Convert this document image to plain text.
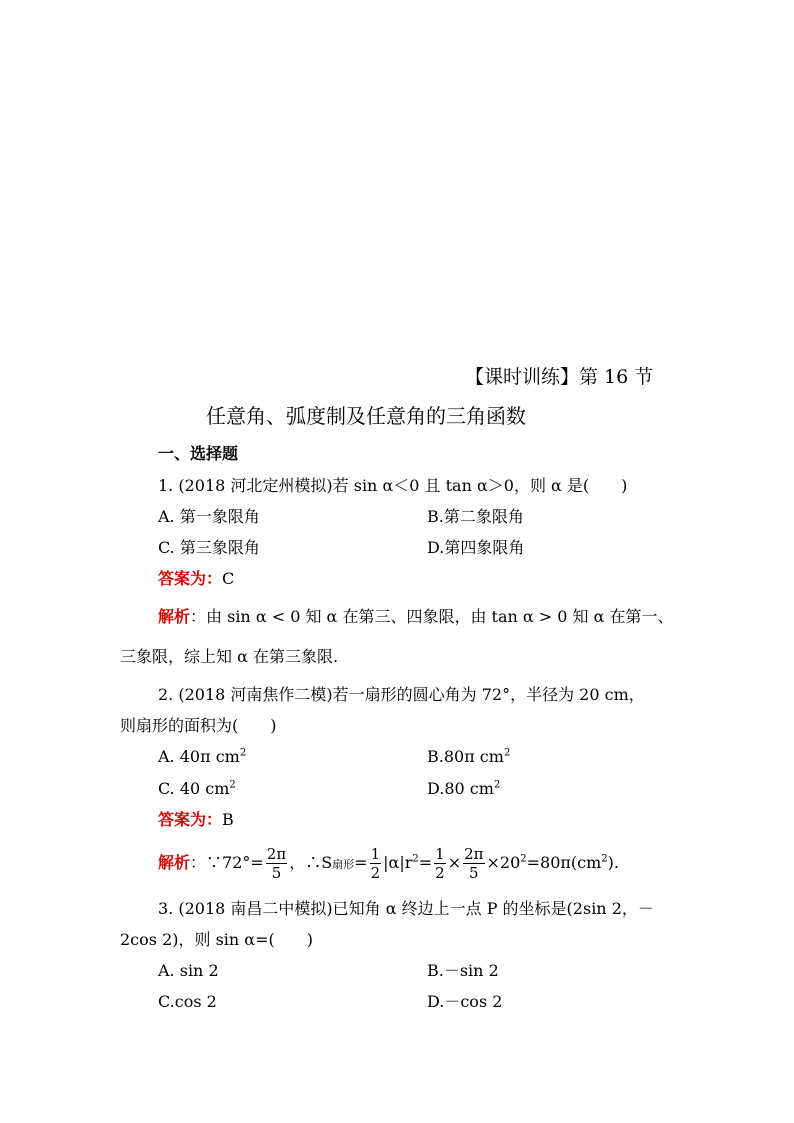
【课时训练】第 16 节
任意角、弧度制及任意角的三角函数
一、选择题
1. (2018 河北定州模拟)若 sin α＜0 且 tan α＞0，则 α 是(　　)
A. 第一象限角	B.第二象限角
C. 第三象限角	D.第四象限角
答案为：C
解析：由 sin α < 0 知 α 在第三、四象限，由 tan α > 0 知 α 在第一、
三象限，综上知 α 在第三象限.
2. (2018 河南焦作二模)若一扇形的圆心角为 72°，半径为 20 cm，
则扇形的面积为(　　)
A. 40π $cm^2$	B.80π $cm^2$
C. 40 $cm^2$	D.80 $cm^2$
答案为：B
解析：∵72°= $\frac{2\pi}{5}$ ，∴S扇形= $\frac{1}{2} |\alpha|r^2= \frac{1}{2} \times \frac{2\pi}{5} \times 20^2=80\pi(cm^2)$.
3. (2018 南昌二中模拟)已知角 α 终边上一点 P 的坐标是(2sin 2，－
2cos 2)，则 sin α=(　　)
A. sin 2	B.－sin 2
C.cos 2	D.－cos 2
